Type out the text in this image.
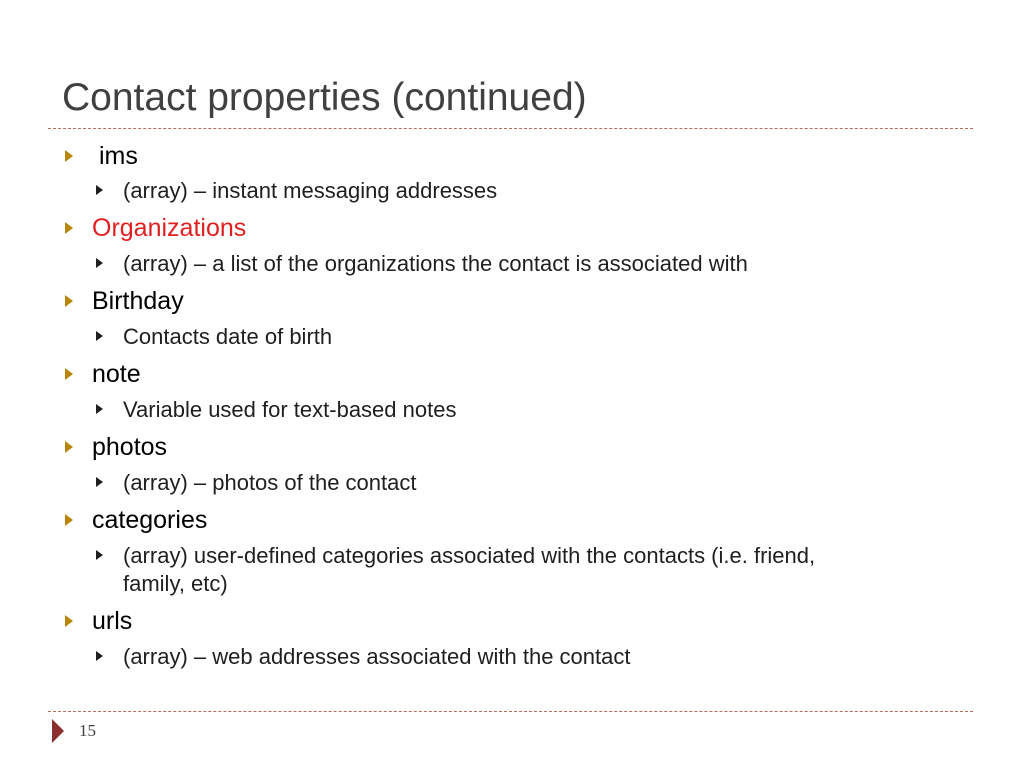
Contact properties (continued)
ims
(array) – instant messaging addresses
Organizations
(array) – a list of the organizations the contact is associated with
Birthday
Contacts date of birth
note
Variable used for text-based notes
photos
(array) – photos of the contact
categories
(array) user-defined categories associated with the contacts (i.e. friend,
family, etc)
urls
(array) – web addresses associated with the contact
15
